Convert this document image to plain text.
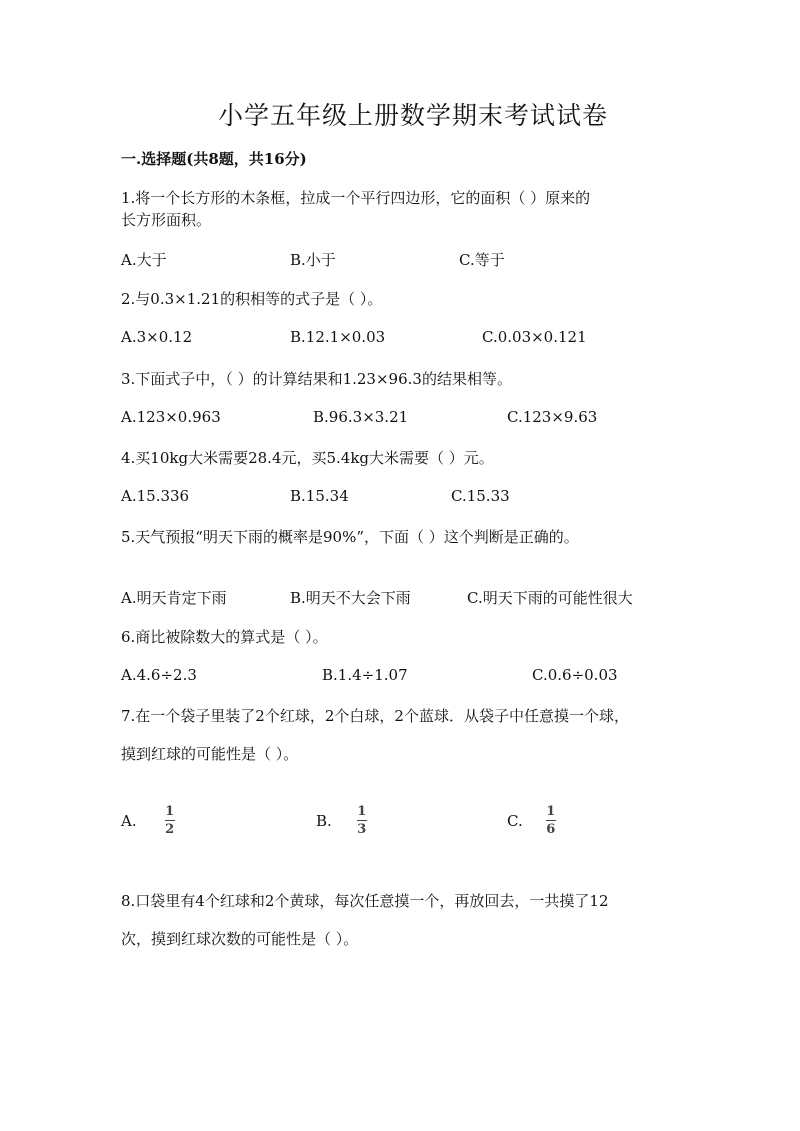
小学五年级上册数学期末考试试卷
一.选择题(共8题，共16分)
1.将一个长方形的木条框，拉成一个平行四边形，它的面积（ ）原来的
长方形面积。
A.大于	B.小于	C.等于
2.与0.3×1.21的积相等的式子是（ ）。
A.3×0.12	B.12.1×0.03	C.0.03×0.121
3.下面式子中，（ ）的计算结果和1.23×96.3的结果相等。
A.123×0.963	B.96.3×3.21	C.123×9.63
4.买10kg大米需要28.4元，买5.4kg大米需要（ ）元。
A.15.336	B.15.34	C.15.33
5.天气预报“明天下雨的概率是90%”，下面（ ）这个判断是正确的。
A.明天肯定下雨	B.明天不大会下雨	C.明天下雨的可能性很大
6.商比被除数大的算式是（ ）。
A.4.6÷2.3	B.1.4÷1.07	C.0.6÷0.03
7.在一个袋子里装了2个红球，2个白球，2个蓝球．从袋子中任意摸一个球，
摸到红球的可能性是（ ）。
A. $\frac{1}{2}$	B. $\frac{1}{3}$	C. $\frac{1}{6}$
8.口袋里有4个红球和2个黄球，每次任意摸一个，再放回去，一共摸了12
次，摸到红球次数的可能性是（ ）。
